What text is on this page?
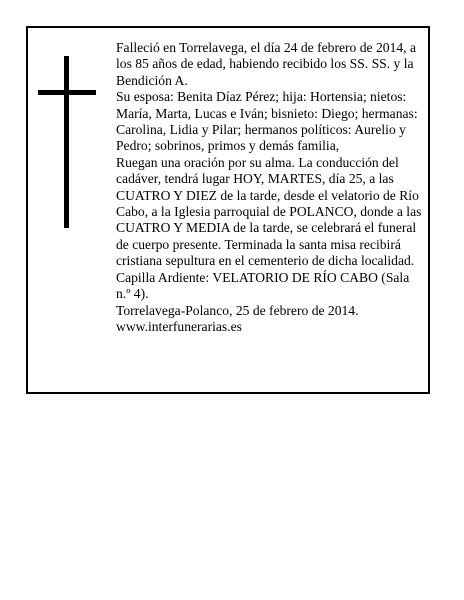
Falleció en Torrelavega, el día 24 de febrero de 2014, a los 85 años de edad, habiendo recibido los SS. SS. y la Bendición A.

Su esposa: Benita Díaz Pérez; hija: Hortensia; nietos: María, Marta, Lucas e Iván; bisnieto: Diego; hermanas: Carolina, Lidia y Pilar; hermanos políticos: Aurelio y Pedro; sobrinos, primos y demás familia,

Ruegan una oración por su alma. La conducción del cadáver, tendrá lugar HOY, MARTES, día 25, a las CUATRO Y DIEZ de la tarde, desde el velatorio de Río Cabo, a la Iglesia parroquial de POLANCO, donde a las CUATRO Y MEDIA de la tarde, se celebrará el funeral de cuerpo presente. Terminada la santa misa recibirá cristiana sepultura en el cementerio de dicha localidad.

Capilla Ardiente: VELATORIO DE RÍO CABO (Sala n.º 4).

Torrelavega-Polanco, 25 de febrero de 2014.

www.interfunerarias.es
